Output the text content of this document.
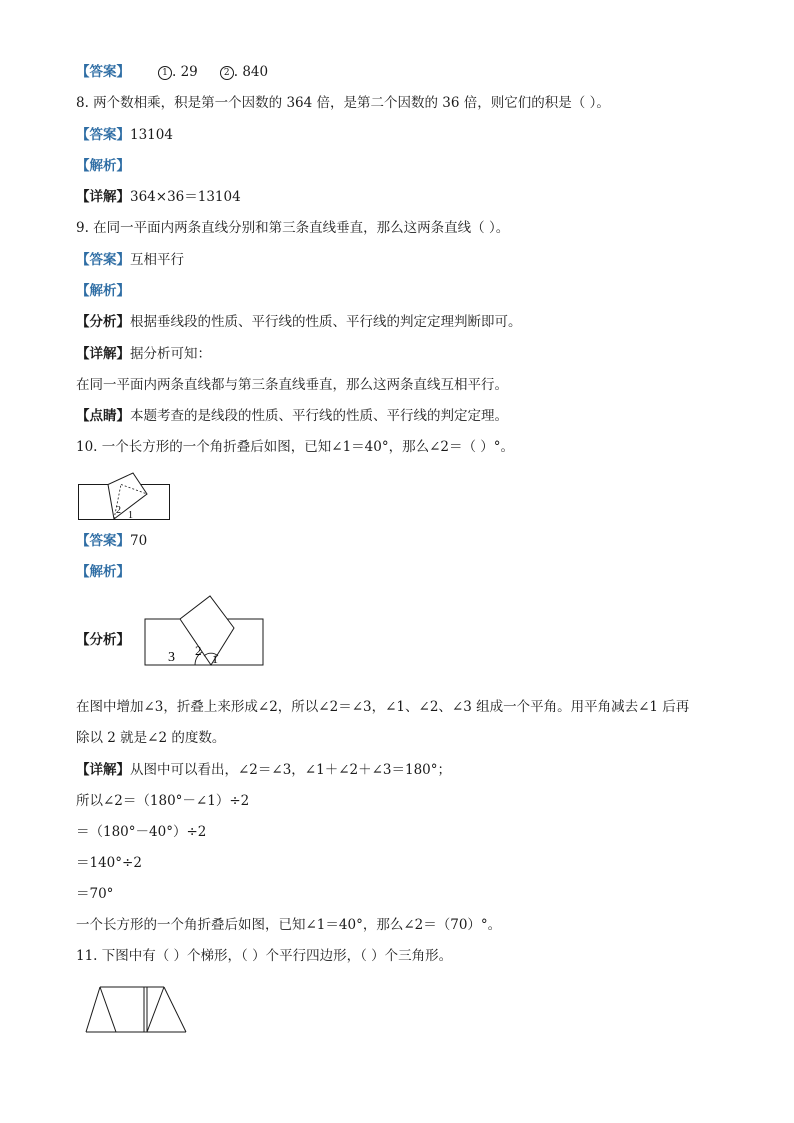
【答案】	1 . 29	2 . 840
8. 两个数相乘，积是第一个因数的 364 倍，是第二个因数的 36 倍，则它们的积是（ ）。
【答案】13104
【解析】
【详解】364×36＝13104
9. 在同一平面内两条直线分别和第三条直线垂直，那么这两条直线（ ）。
【答案】互相平行
【解析】
【分析】根据垂线段的性质、平行线的性质、平行线的判定定理判断即可。
【详解】据分析可知：
在同一平面内两条直线都与第三条直线垂直，那么这两条直线互相平行。
【点睛】本题考查的是线段的性质、平行线的性质、平行线的判定定理。
10. 一个长方形的一个角折叠后如图，已知∠1＝40°，那么∠2＝（ ）°。
2 1
【答案】70
【解析】
【分析】
3 2
1
在图中增加∠3，折叠上来形成∠2，所以∠2＝∠3，∠1、∠2、∠3 组成一个平角。用平角减去∠1 后再
除以 2 就是∠2 的度数。
【详解】从图中可以看出，∠2＝∠3，∠1＋∠2＋∠3＝180°；
所以∠2＝（180°－∠1）÷2
＝（180°－40°）÷2
＝140°÷2
＝70°
一个长方形的一个角折叠后如图，已知∠1＝40°，那么∠2＝（70）°。
11. 下图中有（ ）个梯形，（ ）个平行四边形，（ ）个三角形。
